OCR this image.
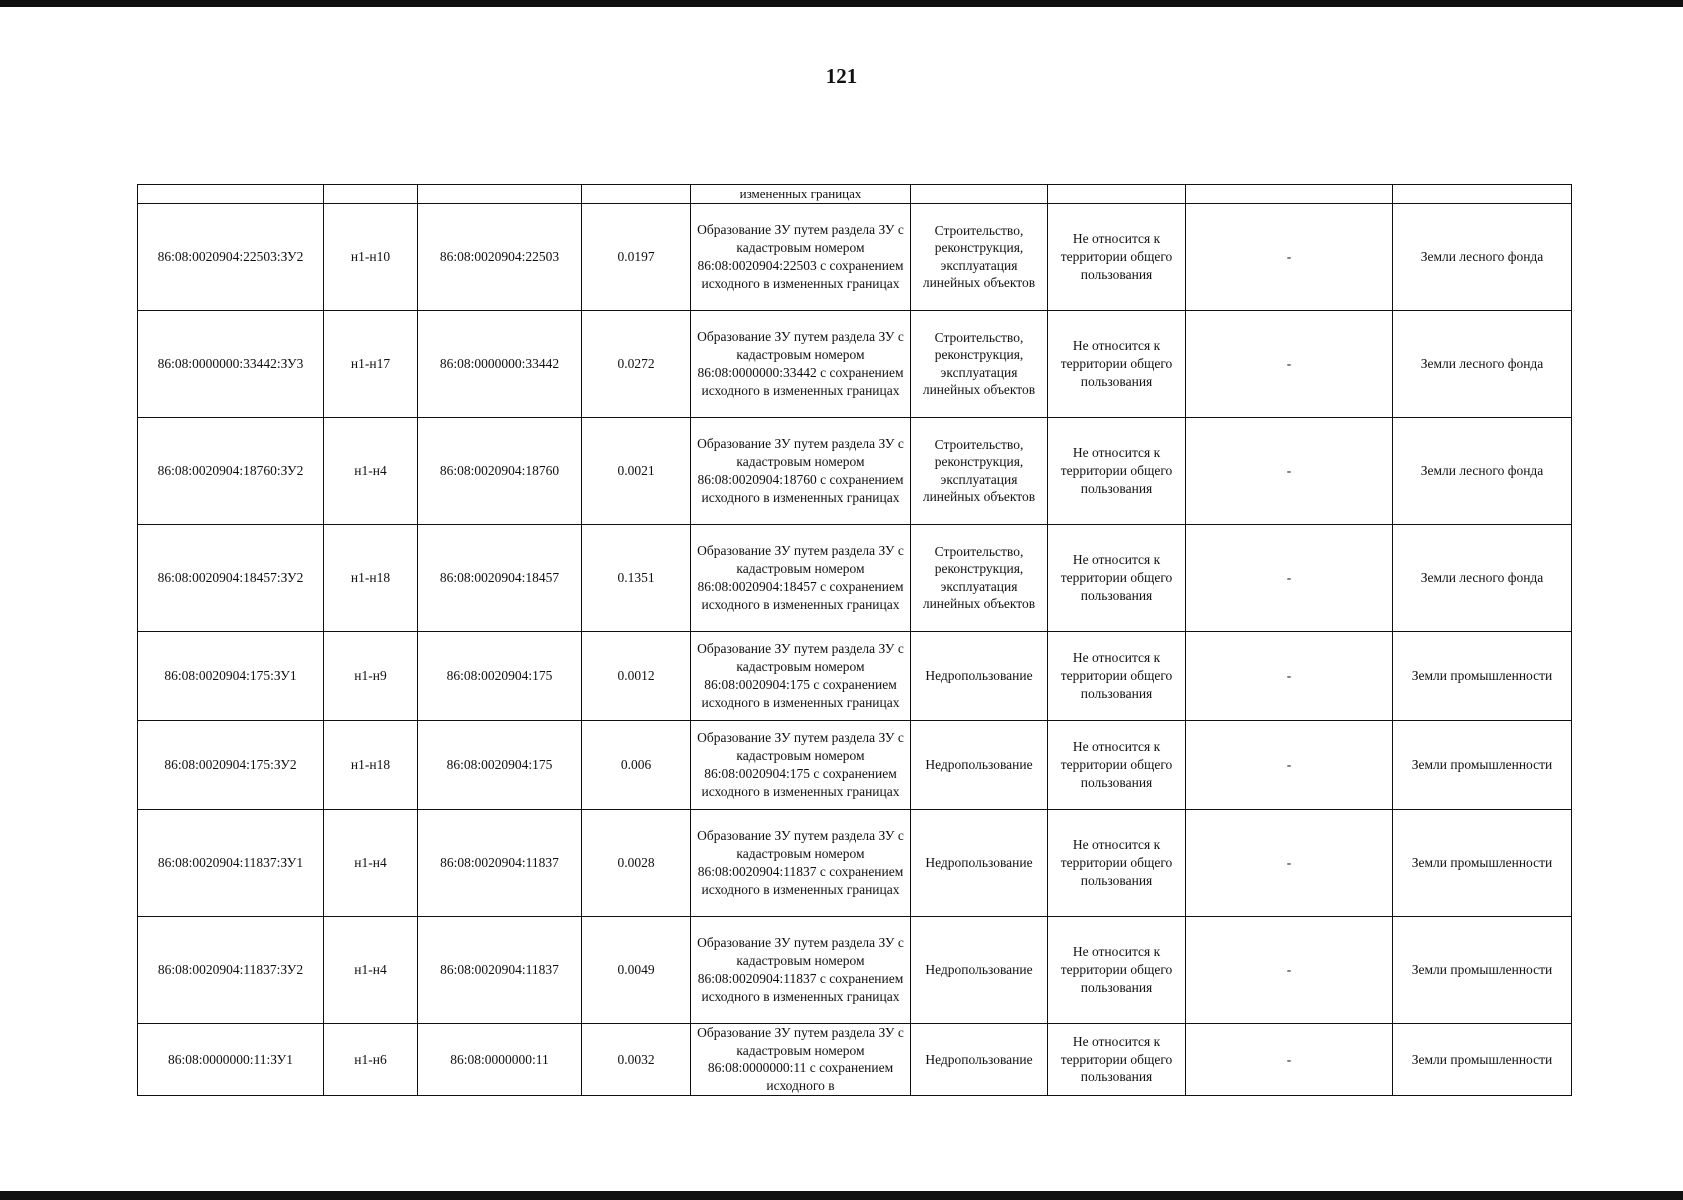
121
				измененных границах				
86:08:0020904:22503:ЗУ2	н1-н10	86:08:0020904:22503	0.0197	Образование ЗУ путем раздела ЗУ с кадастровым номером 86:08:0020904:22503 с сохранением исходного в измененных границах	Строительство, реконструкция, эксплуатация линейных объектов	Не относится к территории общего пользования	-	Земли лесного фонда
86:08:0000000:33442:ЗУ3	н1-н17	86:08:0000000:33442	0.0272	Образование ЗУ путем раздела ЗУ с кадастровым номером 86:08:0000000:33442 с сохранением исходного в измененных границах	Строительство, реконструкция, эксплуатация линейных объектов	Не относится к территории общего пользования	-	Земли лесного фонда
86:08:0020904:18760:ЗУ2	н1-н4	86:08:0020904:18760	0.0021	Образование ЗУ путем раздела ЗУ с кадастровым номером 86:08:0020904:18760 с сохранением исходного в измененных границах	Строительство, реконструкция, эксплуатация линейных объектов	Не относится к территории общего пользования	-	Земли лесного фонда
86:08:0020904:18457:ЗУ2	н1-н18	86:08:0020904:18457	0.1351	Образование ЗУ путем раздела ЗУ с кадастровым номером 86:08:0020904:18457 с сохранением исходного в измененных границах	Строительство, реконструкция, эксплуатация линейных объектов	Не относится к территории общего пользования	-	Земли лесного фонда
86:08:0020904:175:ЗУ1	н1-н9	86:08:0020904:175	0.0012	Образование ЗУ путем раздела ЗУ с кадастровым номером 86:08:0020904:175 с сохранением исходного в измененных границах	Недропользование	Не относится к территории общего пользования	-	Земли промышленности
86:08:0020904:175:ЗУ2	н1-н18	86:08:0020904:175	0.006	Образование ЗУ путем раздела ЗУ с кадастровым номером 86:08:0020904:175 с сохранением исходного в измененных границах	Недропользование	Не относится к территории общего пользования	-	Земли промышленности
86:08:0020904:11837:ЗУ1	н1-н4	86:08:0020904:11837	0.0028	Образование ЗУ путем раздела ЗУ с кадастровым номером 86:08:0020904:11837 с сохранением исходного в измененных границах	Недропользование	Не относится к территории общего пользования	-	Земли промышленности
86:08:0020904:11837:ЗУ2	н1-н4	86:08:0020904:11837	0.0049	Образование ЗУ путем раздела ЗУ с кадастровым номером 86:08:0020904:11837 с сохранением исходного в измененных границах	Недропользование	Не относится к территории общего пользования	-	Земли промышленности
86:08:0000000:11:ЗУ1	н1-н6	86:08:0000000:11	0.0032	Образование ЗУ путем раздела ЗУ с кадастровым номером 86:08:0000000:11 с сохранением исходного в	Недропользование	Не относится к территории общего пользования	-	Земли промышленности
